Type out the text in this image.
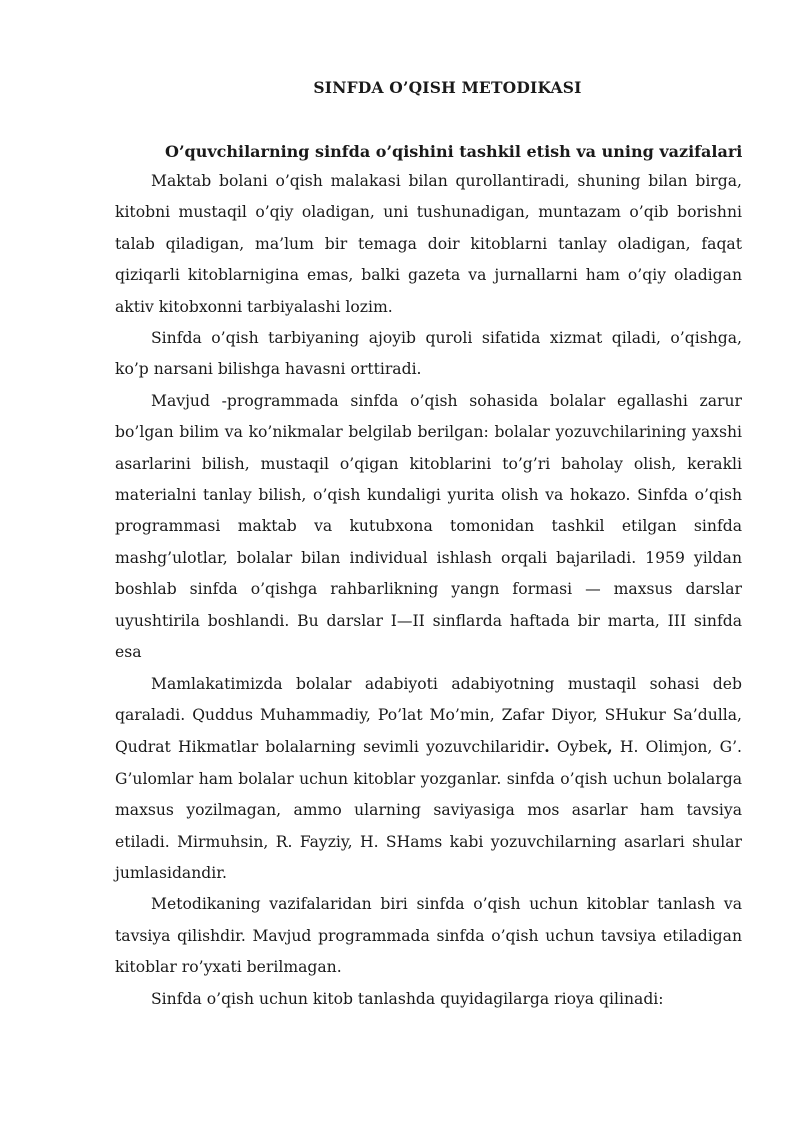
SINFDA O’QISH METODIKASI
O’quvchilarning sinfda o’qishini tashkil etish va uning vazifalari

Maktab bolani o’qish malakasi bilan qurollantiradi, shuning bilan birga, kitobni mustaqil o’qiy oladigan, uni tushunadigan, muntazam o’qib borishni talab qiladigan, ma’lum bir temaga doir kitoblarni tanlay oladigan, faqat qiziqarli kitoblarnigina emas, balki gazeta va jurnallarni ham o’qiy oladigan aktiv kitobxonni tarbiyalashi lozim.

Sinfda o’qish tarbiyaning ajoyib quroli sifatida xizmat qiladi, o’qishga, ko’p narsani bilishga havasni orttiradi.

Mavjud -programmada sinfda o’qish sohasida bolalar egallashi zarur bo’lgan bilim va ko’nikmalar belgilab berilgan: bolalar yozuvchilarining yaxshi asarlarini bilish, mustaqil o’qigan kitoblarini to’g’ri baholay olish, kerakli materialni tanlay bilish, o’qish kundaligi yurita olish va hokazo. Sinfda o’qish programmasi maktab va kutubxona tomonidan tashkil etilgan sinfda mashg’ulotlar, bolalar bilan individual ishlash orqali bajariladi. 1959 yildan boshlab sinfda o’qishga rahbarlikning yangn formasi — maxsus darslar uyushtirila boshlandi. Bu darslar I—II sinflarda haftada bir marta, III sinfda esa

Mamlakatimizda bolalar adabiyoti adabiyotning mustaqil sohasi deb qaraladi. Quddus Muhammadiy, Po’lat Mo’min, Zafar Diyor, SHukur Sa’dulla, Qudrat Hikmatlar bolalarning sevimli yozuvchilaridir. Oybek, H. Olimjon, G’. G’ulomlar ham bolalar uchun kitoblar yozganlar. sinfda o’qish uchun bolalarga maxsus yozilmagan, ammo ularning saviyasiga mos asarlar ham tavsiya etiladi. Mirmuhsin, R. Fayziy, H. SHams kabi yozuvchilarning asarlari shular jumlasidandir.

Metodikaning vazifalaridan biri sinfda o’qish uchun kitoblar tanlash va tavsiya qilishdir. Mavjud programmada sinfda o’qish uchun tavsiya etiladigan kitoblar ro’yxati berilmagan.

Sinfda o’qish uchun kitob tanlashda quyidagilarga rioya qilinadi:
